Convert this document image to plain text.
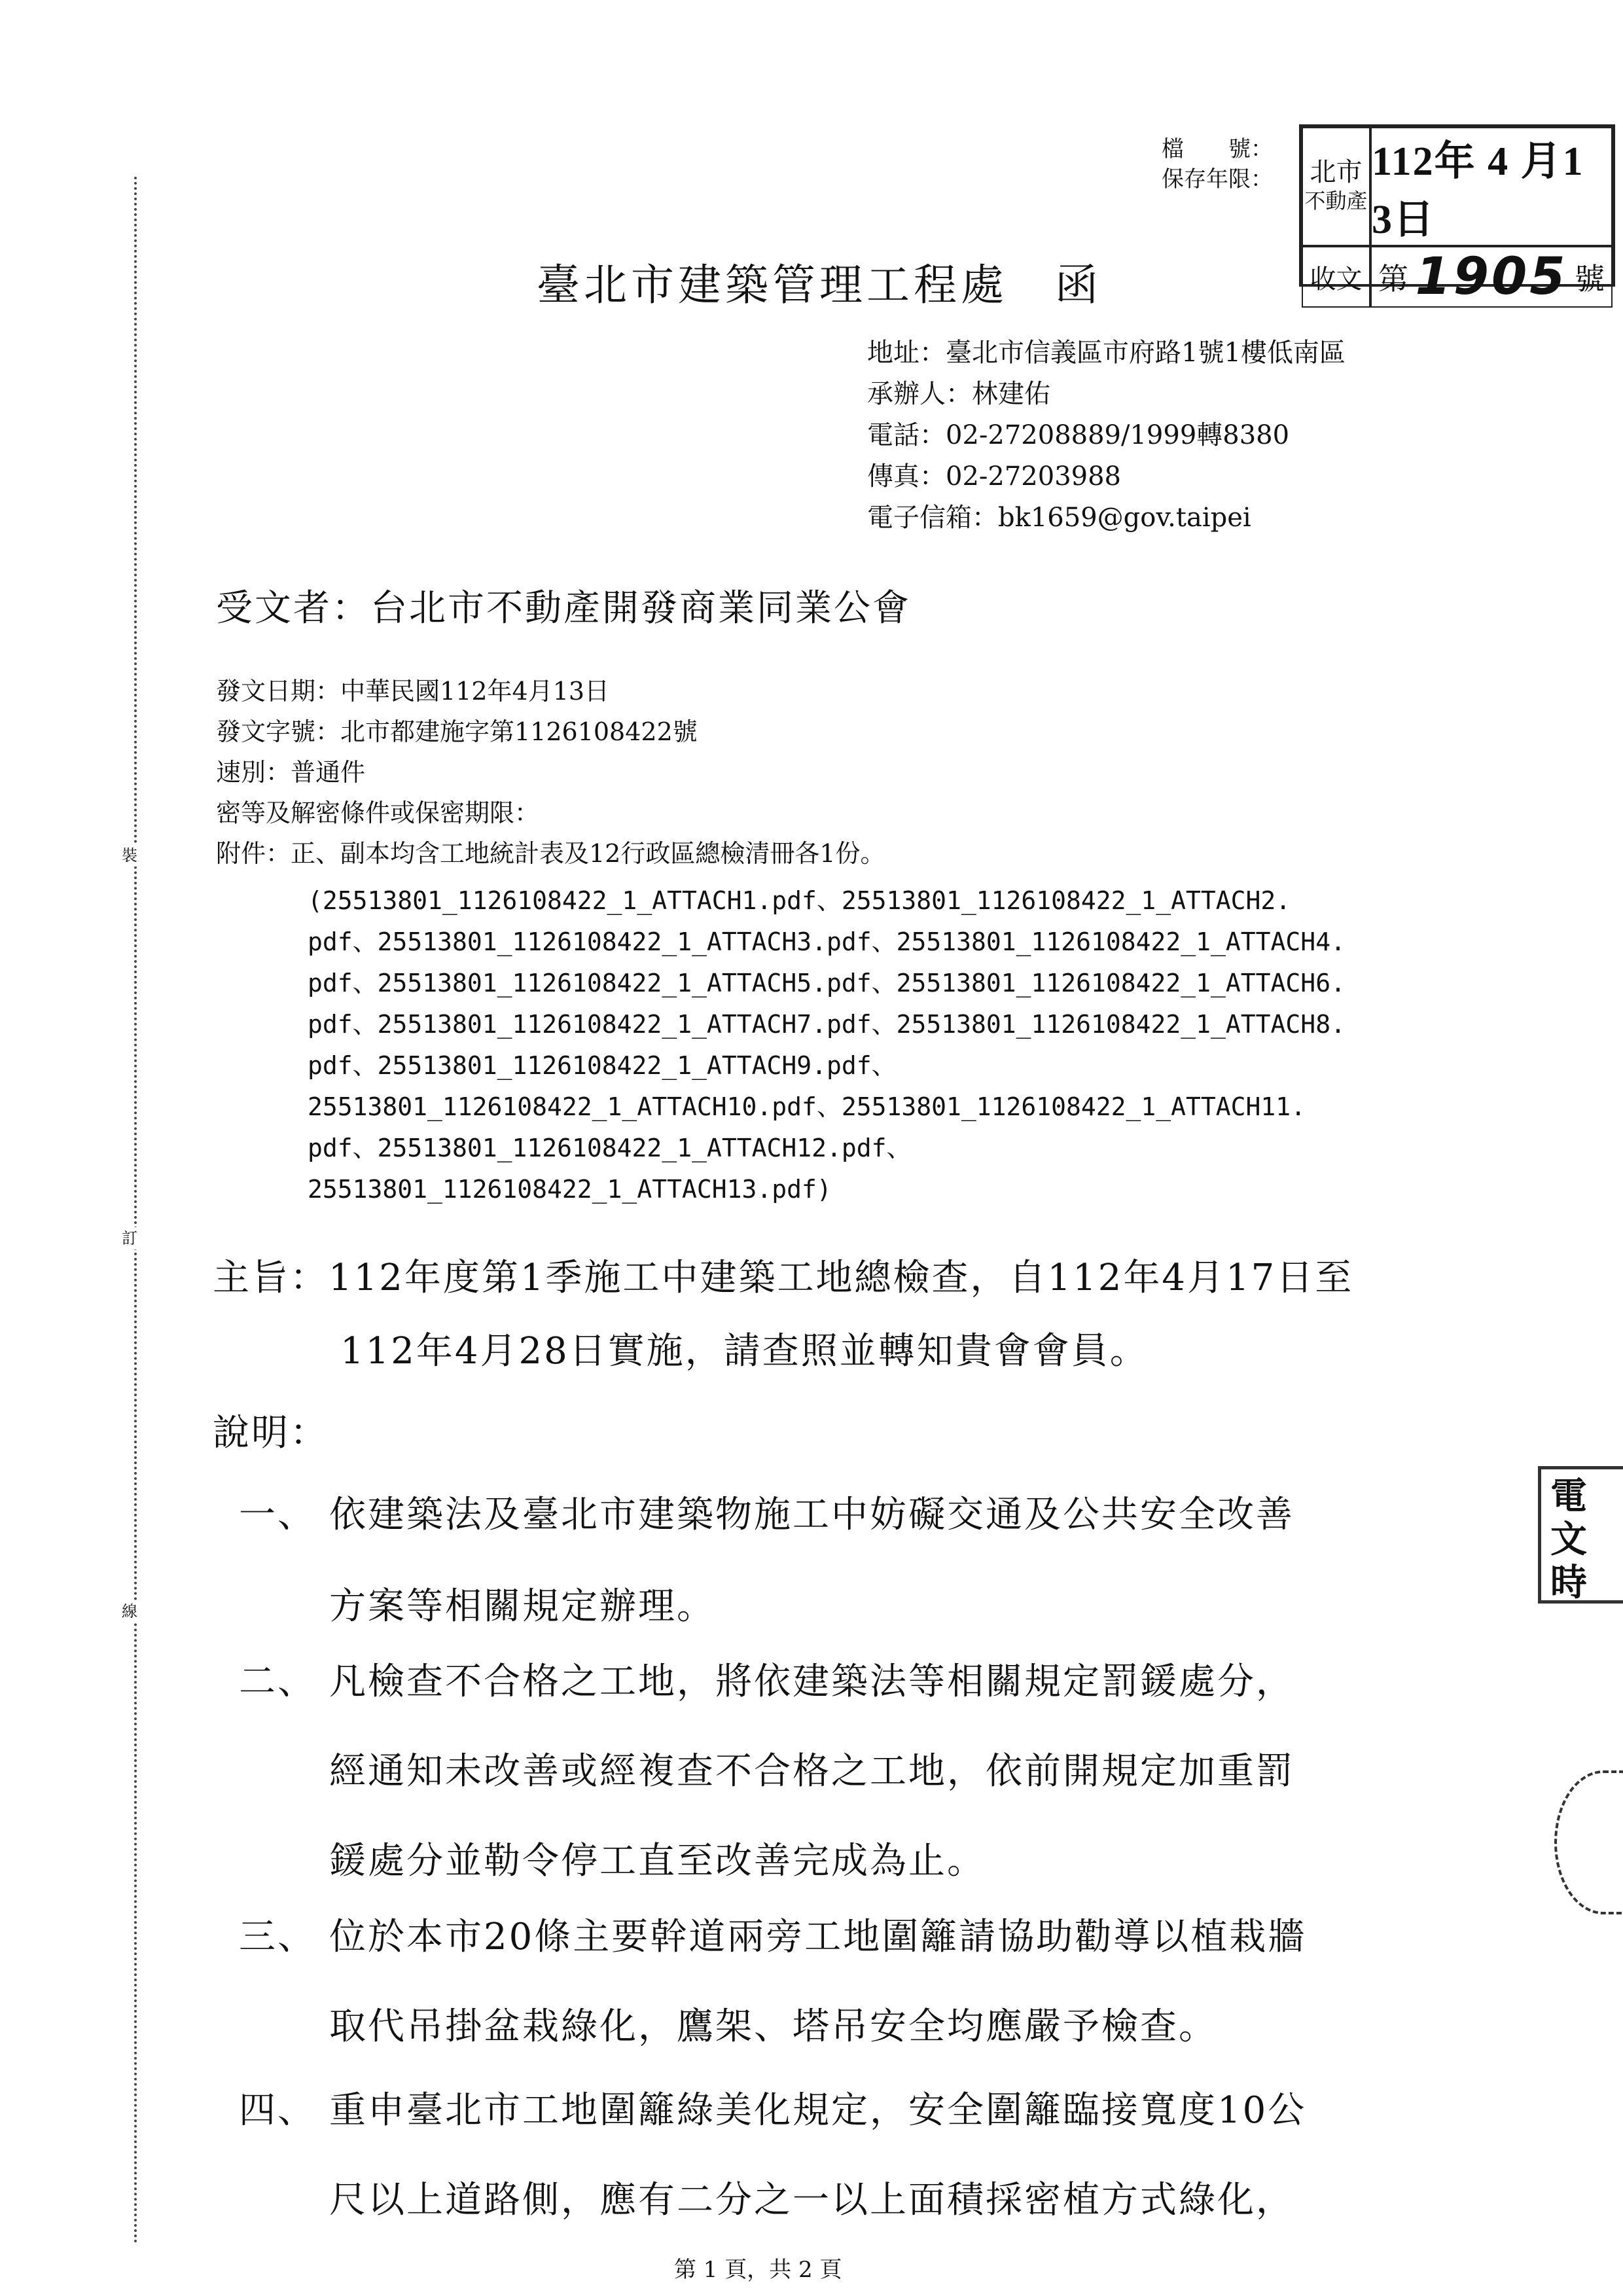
裝
訂
線
檔　　號：
保存年限： 北市
不動產
112年 4 月1 3日
收文 第 1905 號
臺北市建築管理工程處　函
地址：臺北市信義區市府路1號1樓低南區
承辦人：林建佑
電話：02-27208889/1999轉8380
傳真：02-27203988
電子信箱：bk1659@gov.taipei
受文者：台北市不動產開發商業同業公會
發文日期：中華民國112年4月13日
發文字號：北市都建施字第1126108422號
速別：普通件
密等及解密條件或保密期限：
附件：正、副本均含工地統計表及12行政區總檢清冊各1份。
(25513801_1126108422_1_ATTACH1.pdf、25513801_1126108422_1_ATTACH2.
pdf、25513801_1126108422_1_ATTACH3.pdf、25513801_1126108422_1_ATTACH4.
pdf、25513801_1126108422_1_ATTACH5.pdf、25513801_1126108422_1_ATTACH6.
pdf、25513801_1126108422_1_ATTACH7.pdf、25513801_1126108422_1_ATTACH8.
pdf、25513801_1126108422_1_ATTACH9.pdf、
25513801_1126108422_1_ATTACH10.pdf、25513801_1126108422_1_ATTACH11.
pdf、25513801_1126108422_1_ATTACH12.pdf、
25513801_1126108422_1_ATTACH13.pdf)
主旨：112年度第1季施工中建築工地總檢查，自112年4月17日至
112年4月28日實施，請查照並轉知貴會會員。
說明：
一、 依建築法及臺北市建築物施工中妨礙交通及公共安全改善
方案等相關規定辦理。
二、 凡檢查不合格之工地，將依建築法等相關規定罰鍰處分，
經通知未改善或經複查不合格之工地，依前開規定加重罰
鍰處分並勒令停工直至改善完成為止。
三、 位於本市20條主要幹道兩旁工地圍籬請協助勸導以植栽牆
取代吊掛盆栽綠化，鷹架、塔吊安全均應嚴予檢查。
四、 重申臺北市工地圍籬綠美化規定，安全圍籬臨接寬度10公
尺以上道路側，應有二分之一以上面積採密植方式綠化，
電
文
時
第 1 頁，共 2 頁
